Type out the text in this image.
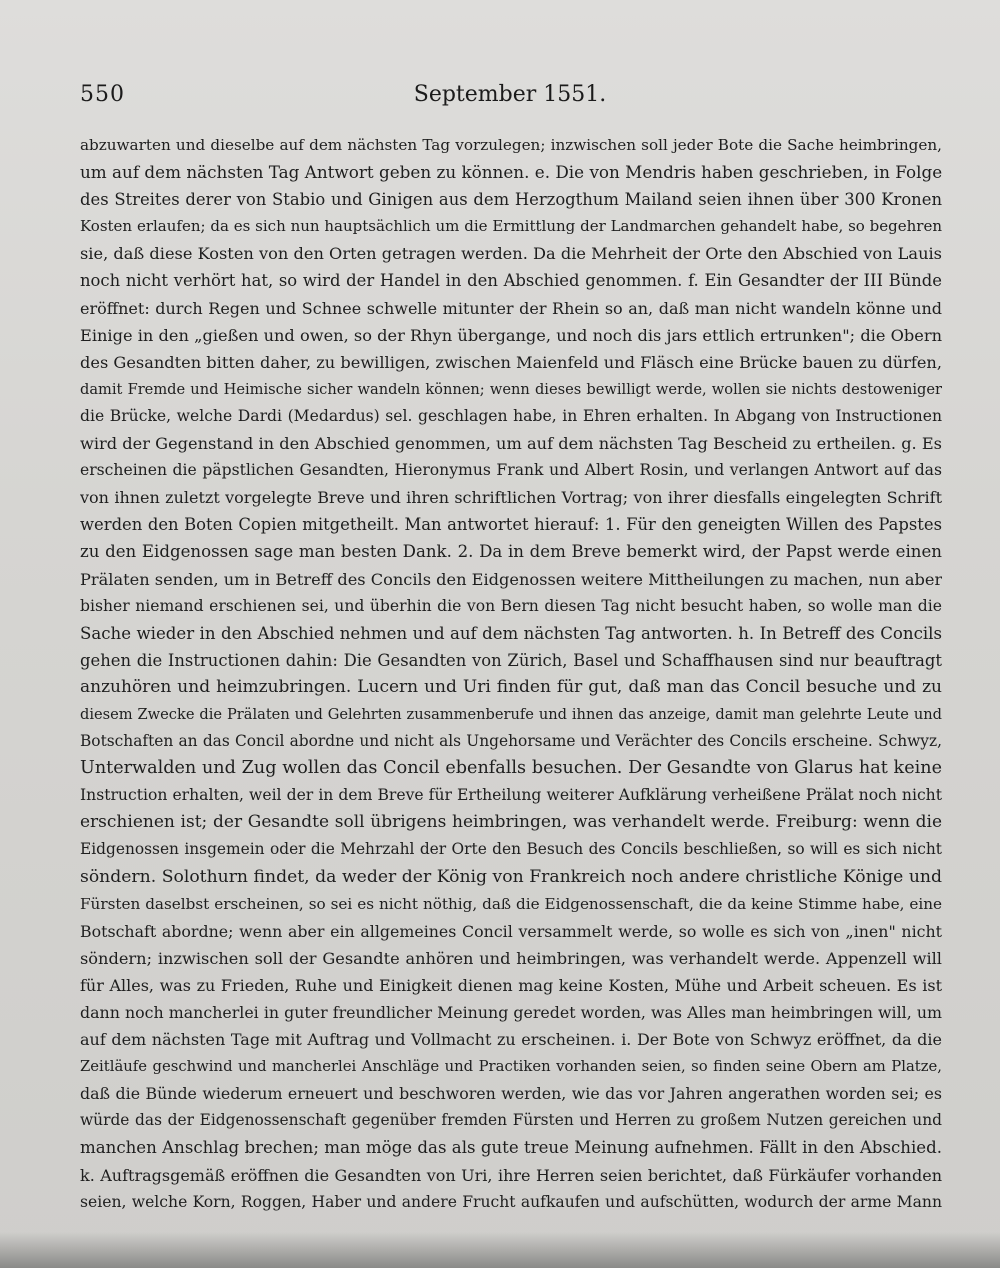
550	September 1551.
abzuwarten und dieselbe auf dem nächsten Tag vorzulegen; inzwischen soll jeder Bote die Sache heimbringen,
um auf dem nächsten Tag Antwort geben zu können. e. Die von Mendris haben geschrieben, in Folge
des Streites derer von Stabio und Ginigen aus dem Herzogthum Mailand seien ihnen über 300 Kronen
Kosten erlaufen; da es sich nun hauptsächlich um die Ermittlung der Landmarchen gehandelt habe, so begehren
sie, daß diese Kosten von den Orten getragen werden. Da die Mehrheit der Orte den Abschied von Lauis
noch nicht verhört hat, so wird der Handel in den Abschied genommen. f. Ein Gesandter der III Bünde
eröffnet: durch Regen und Schnee schwelle mitunter der Rhein so an, daß man nicht wandeln könne und
Einige in den „gießen und owen, so der Rhyn übergange, und noch dis jars ettlich ertrunken"; die Obern
des Gesandten bitten daher, zu bewilligen, zwischen Maienfeld und Fläsch eine Brücke bauen zu dürfen,
damit Fremde und Heimische sicher wandeln können; wenn dieses bewilligt werde, wollen sie nichts destoweniger
die Brücke, welche Dardi (Medardus) sel. geschlagen habe, in Ehren erhalten. In Abgang von Instructionen
wird der Gegenstand in den Abschied genommen, um auf dem nächsten Tag Bescheid zu ertheilen. g. Es
erscheinen die päpstlichen Gesandten, Hieronymus Frank und Albert Rosin, und verlangen Antwort auf das
von ihnen zuletzt vorgelegte Breve und ihren schriftlichen Vortrag; von ihrer diesfalls eingelegten Schrift
werden den Boten Copien mitgetheilt. Man antwortet hierauf: 1. Für den geneigten Willen des Papstes
zu den Eidgenossen sage man besten Dank. 2. Da in dem Breve bemerkt wird, der Papst werde einen
Prälaten senden, um in Betreff des Concils den Eidgenossen weitere Mittheilungen zu machen, nun aber
bisher niemand erschienen sei, und überhin die von Bern diesen Tag nicht besucht haben, so wolle man die
Sache wieder in den Abschied nehmen und auf dem nächsten Tag antworten. h. In Betreff des Concils
gehen die Instructionen dahin: Die Gesandten von Zürich, Basel und Schaffhausen sind nur beauftragt
anzuhören und heimzubringen. Lucern und Uri finden für gut, daß man das Concil besuche und zu
diesem Zwecke die Prälaten und Gelehrten zusammenberufe und ihnen das anzeige, damit man gelehrte Leute und
Botschaften an das Concil abordne und nicht als Ungehorsame und Verächter des Concils erscheine. Schwyz,
Unterwalden und Zug wollen das Concil ebenfalls besuchen. Der Gesandte von Glarus hat keine
Instruction erhalten, weil der in dem Breve für Ertheilung weiterer Aufklärung verheißene Prälat noch nicht
erschienen ist; der Gesandte soll übrigens heimbringen, was verhandelt werde. Freiburg: wenn die
Eidgenossen insgemein oder die Mehrzahl der Orte den Besuch des Concils beschließen, so will es sich nicht
söndern. Solothurn findet, da weder der König von Frankreich noch andere christliche Könige und
Fürsten daselbst erscheinen, so sei es nicht nöthig, daß die Eidgenossenschaft, die da keine Stimme habe, eine
Botschaft abordne; wenn aber ein allgemeines Concil versammelt werde, so wolle es sich von „inen" nicht
söndern; inzwischen soll der Gesandte anhören und heimbringen, was verhandelt werde. Appenzell will
für Alles, was zu Frieden, Ruhe und Einigkeit dienen mag keine Kosten, Mühe und Arbeit scheuen. Es ist
dann noch mancherlei in guter freundlicher Meinung geredet worden, was Alles man heimbringen will, um
auf dem nächsten Tage mit Auftrag und Vollmacht zu erscheinen. i. Der Bote von Schwyz eröffnet, da die
Zeitläufe geschwind und mancherlei Anschläge und Practiken vorhanden seien, so finden seine Obern am Platze,
daß die Bünde wiederum erneuert und beschworen werden, wie das vor Jahren angerathen worden sei; es
würde das der Eidgenossenschaft gegenüber fremden Fürsten und Herren zu großem Nutzen gereichen und
manchen Anschlag brechen; man möge das als gute treue Meinung aufnehmen. Fällt in den Abschied.
k. Auftragsgemäß eröffnen die Gesandten von Uri, ihre Herren seien berichtet, daß Fürkäufer vorhanden
seien, welche Korn, Roggen, Haber und andere Frucht aufkaufen und aufschütten, wodurch der arme Mann
